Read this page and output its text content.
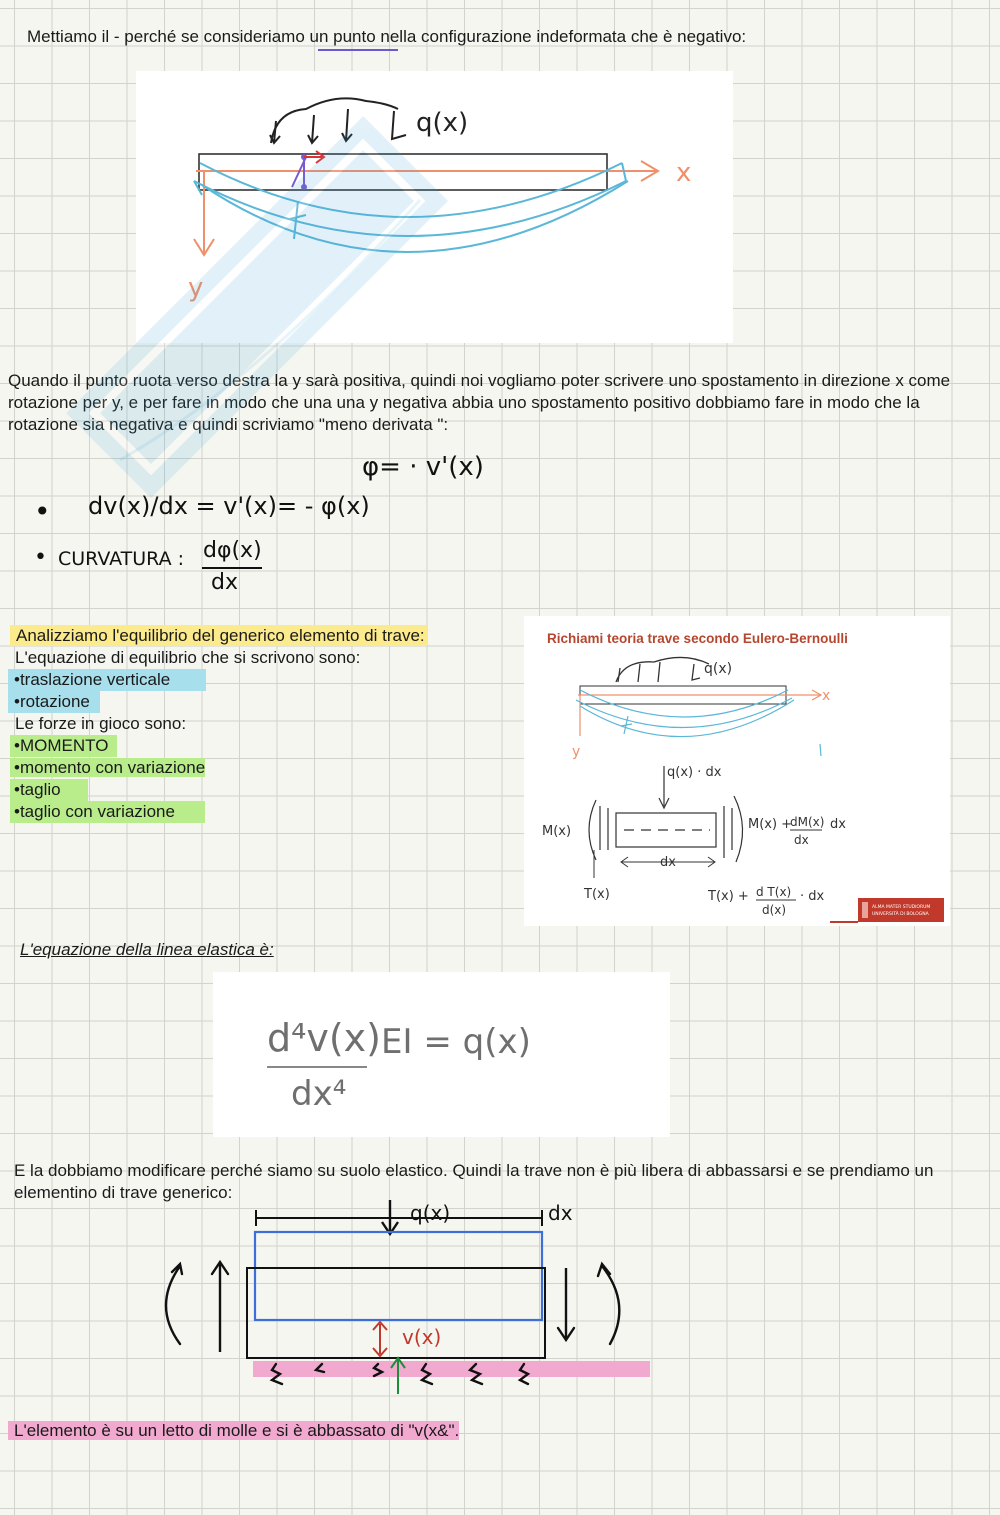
Mettiamo il - perché se consideriamo un punto nella configurazione indeformata che è negativo:
q(x)
x
y
Quando il punto ruota verso destra la y sarà positiva, quindi noi vogliamo poter scrivere uno spostamento in direzione x come rotazione per y, e per fare in modo che una una y negativa abbia uno spostamento positivo dobbiamo fare in modo che la rotazione sia negativa e quindi scriviamo "meno derivata ":
φ= · v'(x)
• dv(x)/dx = v'(x)= - φ(x)
• CURVATURA : dφ(x)
dx
Analizziamo l'equilibrio del generico elemento di trave:
L'equazione di equilibrio che si scrivono sono:
•traslazione verticale
•rotazione
Le forze in gioco sono:
•MOMENTO
•momento con variazione
•taglio
•taglio con variazione
Richiami teoria trave secondo Eulero-Bernoulli
q(x)
x
y
q(x) · dx
M(x)	M(x) +
dM(x)
dx
dx
dx
T(x)	T(x) + d T(x)
d(x)
· dx
ALMA MATER STUDIORUM
UNIVERSITÀ DI BOLOGNA
L'equazione della linea elastica è:
d⁴v(x)
dx⁴
EI = q(x)
E la dobbiamo modificare perché siamo su suolo elastico. Quindi la trave non è più libera di abbassarsi e se prendiamo un elementino di trave generico:
dx
q(x)
v(x)
L'elemento è su un letto di molle e si è abbassato di "v(x&".
